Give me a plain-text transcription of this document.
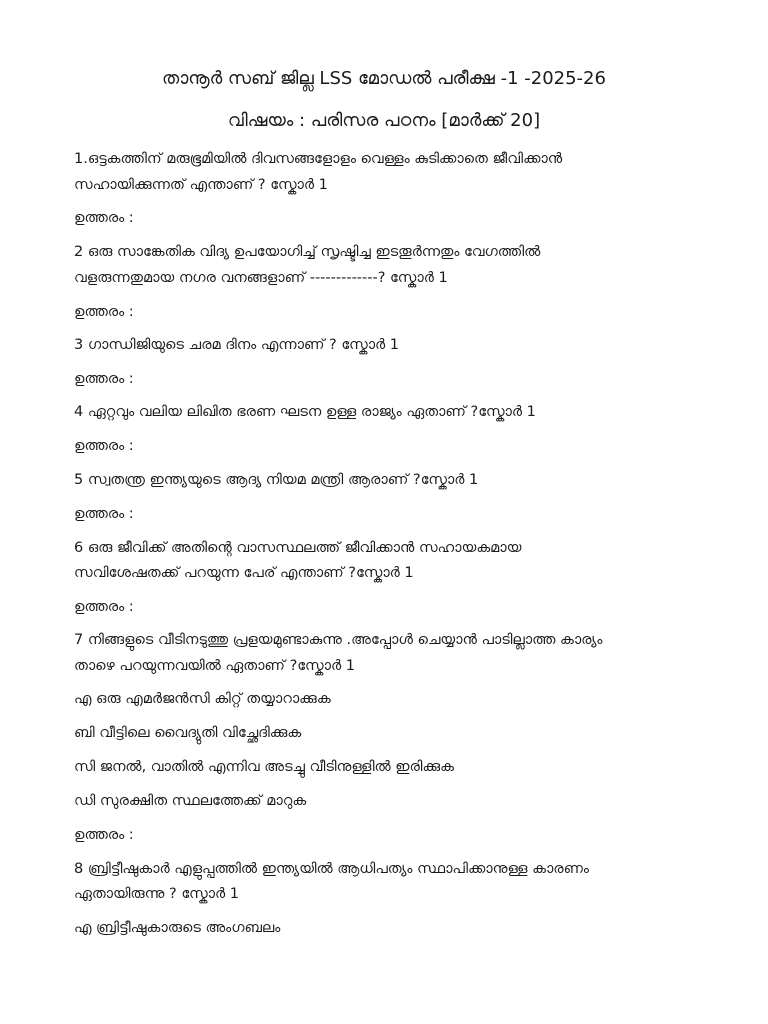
താനൂർ സബ് ജില്ല LSS മോഡൽ പരീക്ഷ -1 -2025-26
വിഷയം : പരിസര പഠനം [മാർക്ക് 20]
1.ഒട്ടകത്തിന് മരുഭൂമിയിൽ ദിവസങ്ങളോളം വെള്ളം കുടിക്കാതെ ജീവിക്കാൻ
സഹായിക്കുന്നത് എന്താണ് ? സ്കോർ 1
ഉത്തരം :
2 ഒരു സാങ്കേതിക വിദ്യ ഉപയോഗിച്ച് സൃഷ്ടിച്ച ഇടതൂർന്നതും വേഗത്തിൽ
വളരുന്നതുമായ നഗര വനങ്ങളാണ് -------------? സ്കോർ 1
ഉത്തരം :
3 ഗാന്ധിജിയുടെ ചരമ ദിനം എന്നാണ് ? സ്കോർ 1
ഉത്തരം :
4 ഏറ്റവും വലിയ ലിഖിത ഭരണ ഘടന ഉള്ള രാജ്യം ഏതാണ് ?സ്കോർ 1
ഉത്തരം :
5 സ്വതന്ത്ര ഇന്ത്യയുടെ ആദ്യ നിയമ മന്ത്രി ആരാണ് ?സ്കോർ 1
ഉത്തരം :
6 ഒരു ജീവിക്ക് അതിന്റെ വാസസ്ഥലത്ത് ജീവിക്കാൻ സഹായകമായ
സവിശേഷതക്ക് പറയുന്ന പേര് എന്താണ് ?സ്കോർ 1
ഉത്തരം :
7 നിങ്ങളുടെ വീടിനടുത്തു പ്രളയമുണ്ടാകുന്നു .അപ്പോൾ ചെയ്യാൻ പാടില്ലാത്ത കാര്യം
താഴെ പറയുന്നവയിൽ ഏതാണ് ?സ്കോർ 1
എ ഒരു എമർജൻസി കിറ്റ് തയ്യാറാക്കുക
ബി വീട്ടിലെ വൈദ്യുതി വിച്ഛേദിക്കുക
സി ജനൽ, വാതിൽ എന്നിവ അടച്ചു വീടിനുള്ളിൽ ഇരിക്കുക
ഡി സുരക്ഷിത സ്ഥലത്തേക്ക് മാറുക
ഉത്തരം :
8 ബ്രിട്ടീഷുകാർ എളുപ്പത്തിൽ ഇന്ത്യയിൽ ആധിപത്യം സ്ഥാപിക്കാനുള്ള കാരണം
ഏതായിരുന്നു ? സ്കോർ 1
എ ബ്രിട്ടീഷുകാരുടെ അംഗബലം
